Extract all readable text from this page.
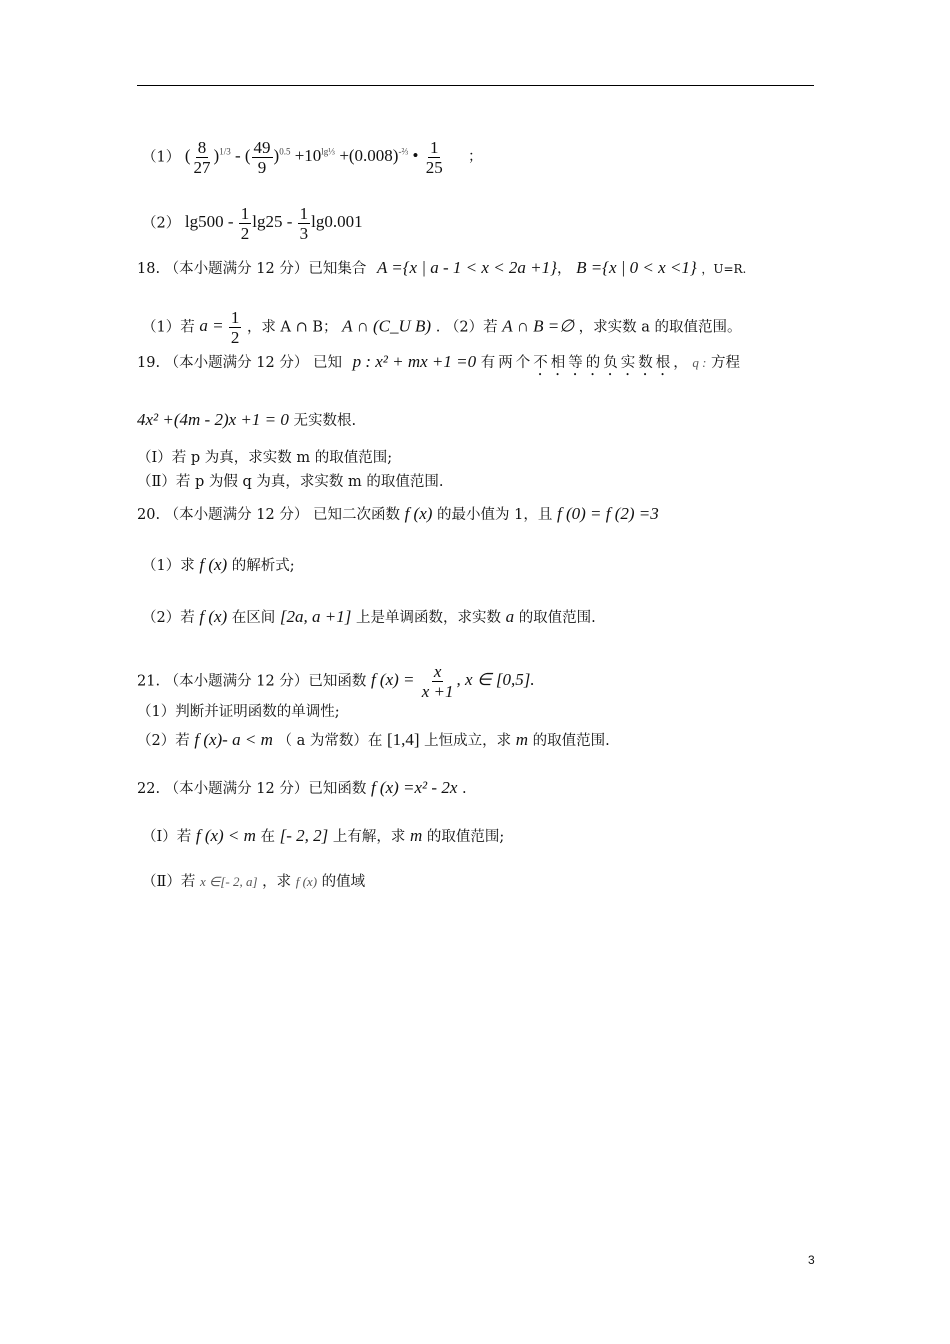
（1） ( $\frac{8}{27} )^{1/3}$ - ( $\frac{49}{9} )^{0.5} +10^{lg\frac{1}{3}} +(0.008)^{-\frac{2}{3}}$ • $\frac{1}{25}$ ；
（2） $\lg 500 - \frac{1}{2} \lg 25 - \frac{1}{3} \lg 0.001$
18. （本小题满分 12 分）已知集合 A ={x | a - 1 < x < 2a +1}， B ={x | 0 < x <1} ，U=R.
（1）若 $a = \frac{1}{2}$ ，求 A ∩ B； A ∩ (C_U B) . （2）若 A ∩ B =∅ ，求实数 a 的取值范围。
19. （本小题满分 12 分） 已知 p : x² + mx +1 =0 有两个不相等的负实数根， q : 方程
4x² +(4m - 2)x +1 = 0 无实数根.
（Ⅰ）若 p 为真，求实数 m 的取值范围;
（Ⅱ）若 p 为假 q 为真，求实数 m 的取值范围.
20. （本小题满分 12 分） 已知二次函数 f (x) 的最小值为 1，且 f (0) = f (2) =3
（1）求 f (x) 的解析式;
（2）若 f (x) 在区间 [2a, a +1] 上是单调函数，求实数 a 的取值范围.
21. （本小题满分 12 分）已知函数 f $(x) = \frac{x}{x +1}$ , x ∈ [0,5].
（1）判断并证明函数的单调性;
（2）若 f (x)- a < m （ a 为常数）在 [1,4] 上恒成立，求 m 的取值范围.
22. （本小题满分 12 分）已知函数 f (x) =x² - 2x .
（Ⅰ）若 f (x) < m 在 [- 2, 2] 上有解，求 m 的取值范围;
（Ⅱ）若 x ∈[- 2, a] ，求 f (x) 的值域
3
